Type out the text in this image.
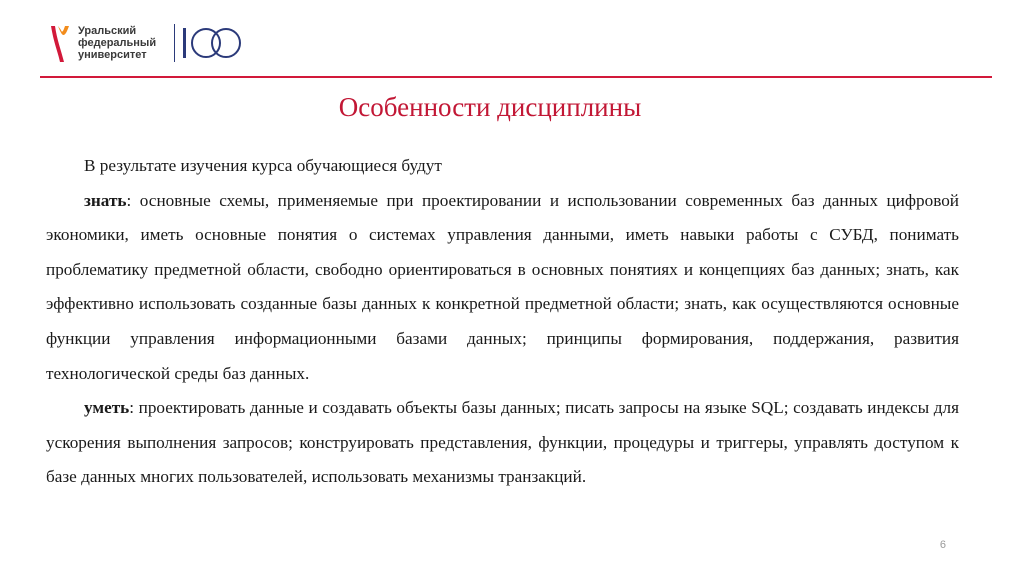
Уральский
федеральный
университет
Особенности дисциплины

В результате изучения курса обучающиеся будут

знать: основные схемы, применяемые при проектировании и использовании современных баз данных цифровой экономики, иметь основные понятия о системах управления данными, иметь навыки работы с СУБД, понимать проблематику предметной области, свободно ориентироваться в основных понятиях и концепциях баз данных; знать, как эффективно использовать созданные базы данных к конкретной предметной области; знать, как осуществляются основные функции управления информационными базами данных; принципы формирования, поддержания, развития технологической среды баз данных.

уметь: проектировать данные и создавать объекты базы данных; писать запросы на языке SQL; создавать индексы для ускорения выполнения запросов; конструировать представления, функции, процедуры и триггеры, управлять доступом к базе данных многих пользователей, использовать механизмы транзакций.

6
